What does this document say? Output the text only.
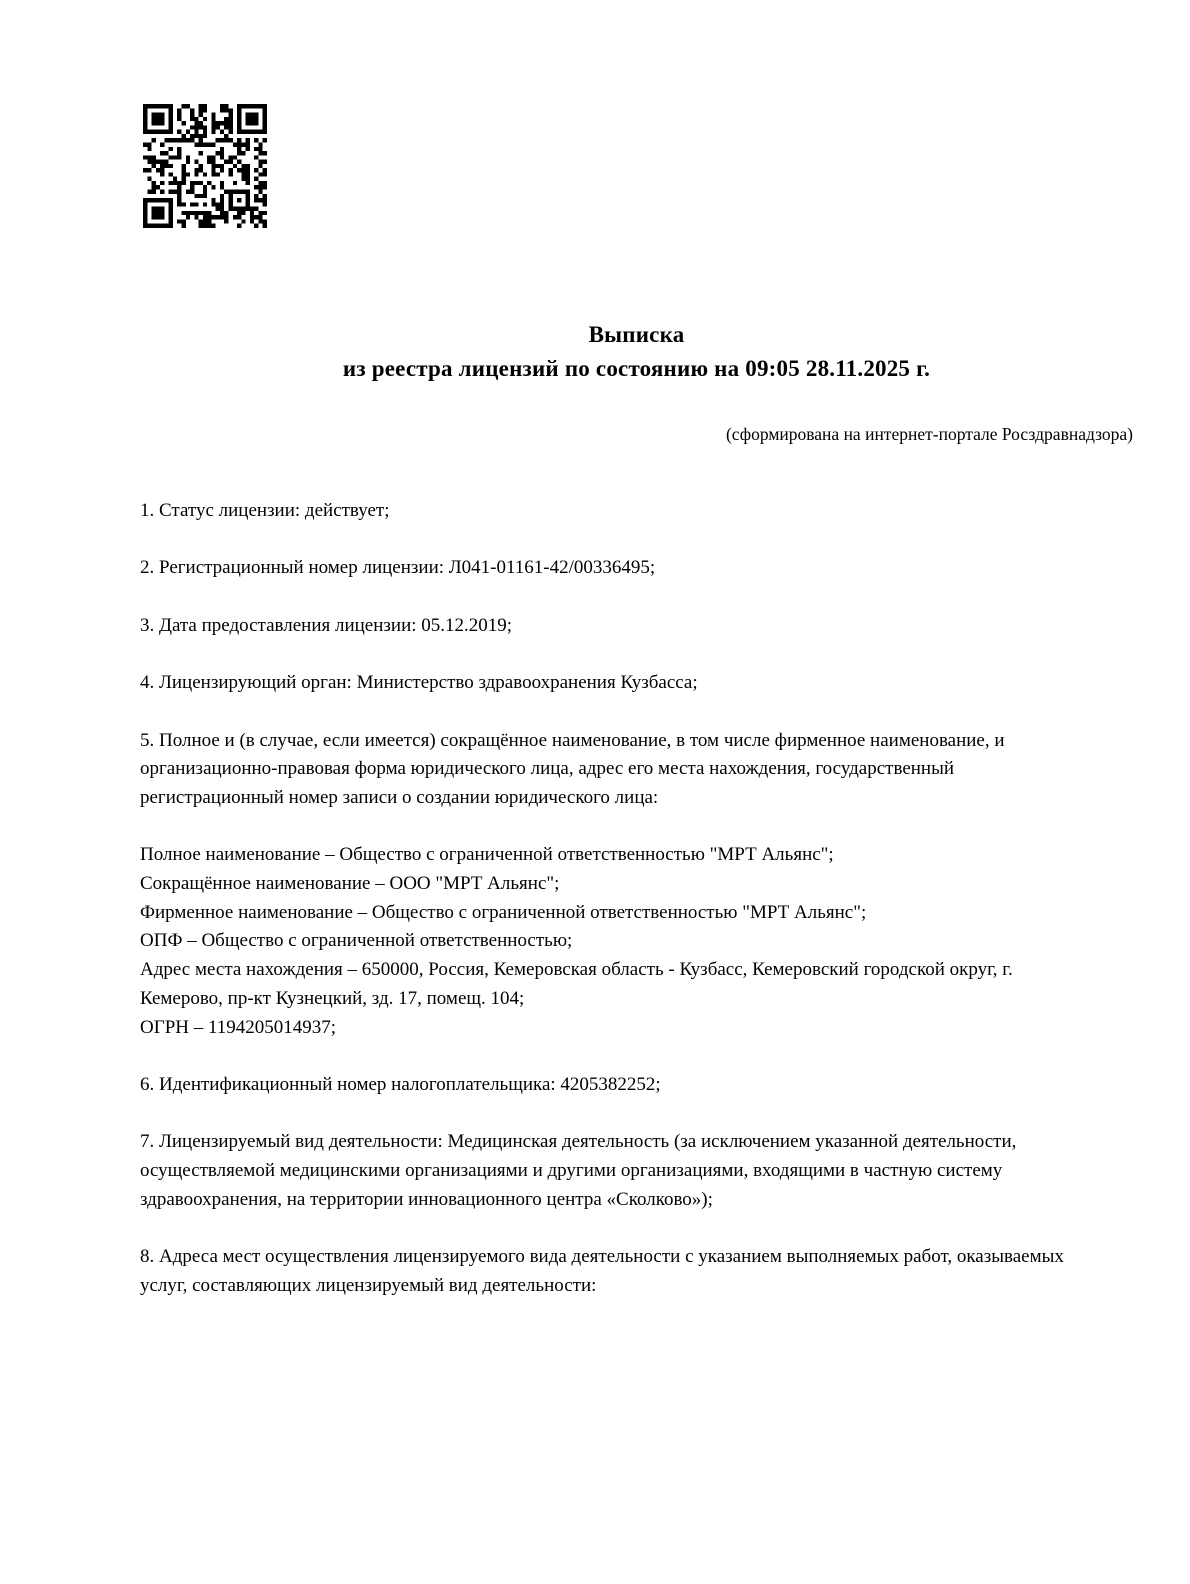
Выписка
из реестра лицензий по состоянию на 09:05 28.11.2025 г.
(сформирована на интернет-портале Росздравнадзора)

1. Статус лицензии: действует;

2. Регистрационный номер лицензии: Л041-01161-42/00336495;

3. Дата предоставления лицензии: 05.12.2019;

4. Лицензирующий орган: Министерство здравоохранения Кузбасса;

5. Полное и (в случае, если имеется) сокращённое наименование, в том числе фирменное наименование, и организационно-правовая форма юридического лица, адрес его места нахождения, государственный регистрационный номер записи о создании юридического лица:

Полное наименование – Общество с ограниченной ответственностью "МРТ Альянс";
Сокращённое наименование – ООО "МРТ Альянс";
Фирменное наименование – Общество с ограниченной ответственностью "МРТ Альянс";
ОПФ – Общество с ограниченной ответственностью;
Адрес места нахождения – 650000, Россия, Кемеровская область - Кузбасс, Кемеровский городской округ, г. Кемерово, пр-кт Кузнецкий, зд. 17, помещ. 104;
ОГРН – 1194205014937;

6. Идентификационный номер налогоплательщика: 4205382252;

7. Лицензируемый вид деятельности: Медицинская деятельность (за исключением указанной деятельности, осуществляемой медицинскими организациями и другими организациями, входящими в частную систему здравоохранения, на территории инновационного центра «Сколково»);

8. Адреса мест осуществления лицензируемого вида деятельности с указанием выполняемых работ, оказываемых услуг, составляющих лицензируемый вид деятельности:
